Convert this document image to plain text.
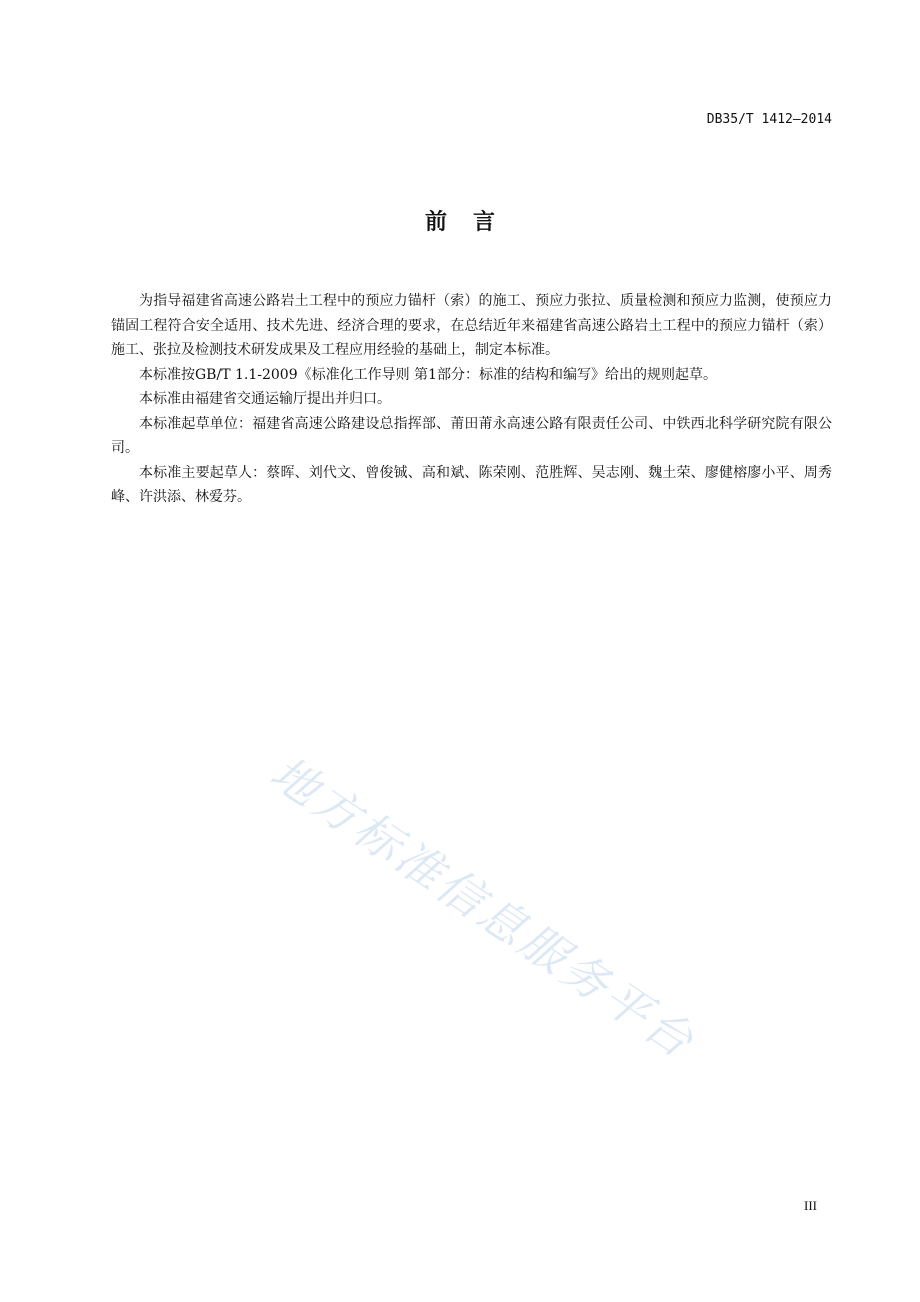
DB35/T 1412—2014
前言

为指导福建省高速公路岩土工程中的预应力锚杆（索）的施工、预应力张拉、质量检测和预应力监测，使预应力锚固工程符合安全适用、技术先进、经济合理的要求，在总结近年来福建省高速公路岩土工程中的预应力锚杆（索）施工、张拉及检测技术研发成果及工程应用经验的基础上，制定本标准。

本标准按GB/T 1.1-2009《标准化工作导则 第1部分：标准的结构和编写》给出的规则起草。

本标准由福建省交通运输厅提出并归口。

本标准起草单位：福建省高速公路建设总指挥部、莆田莆永高速公路有限责任公司、中铁西北科学研究院有限公司。

本标准主要起草人：蔡晖、刘代文、曾俊铖、高和斌、陈荣刚、范胜辉、吴志刚、魏土荣、廖健榕廖小平、周秀峰、许洪添、林爱芬。

地方标准信息服务平台
III
